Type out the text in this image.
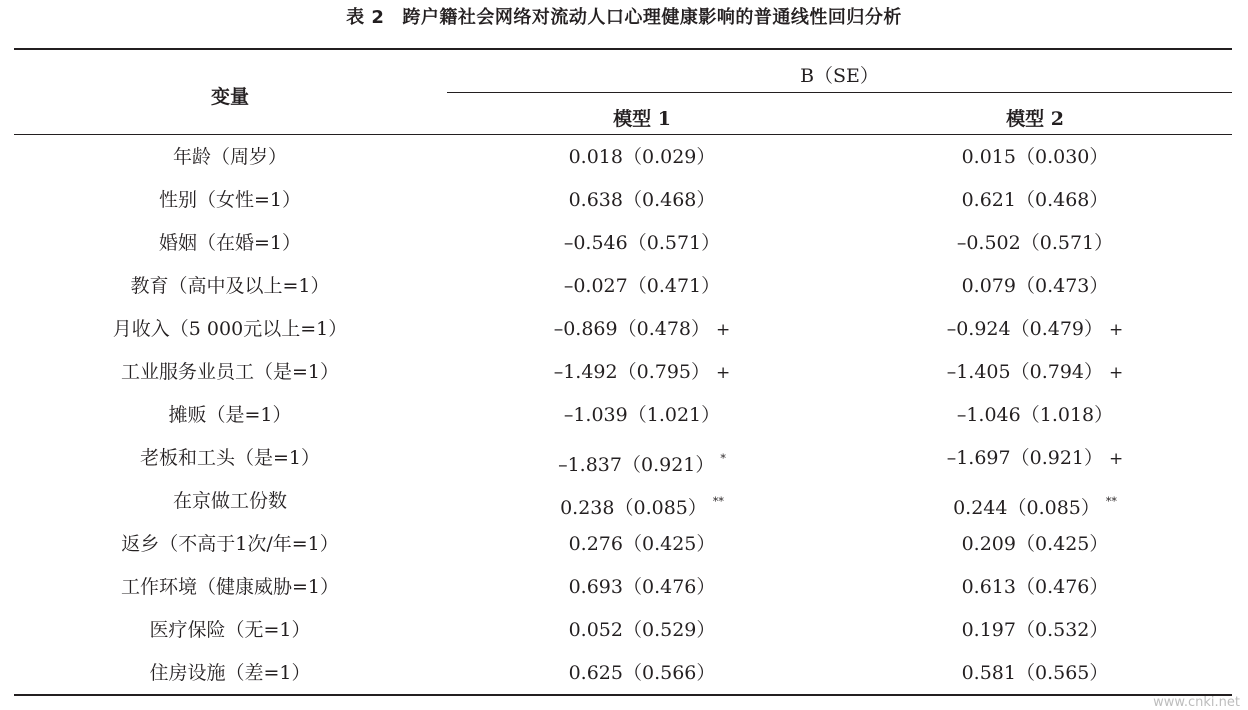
表 2 跨户籍社会网络对流动人口心理健康影响的普通线性回归分析
变量
B（SE）
模型 1	模型 2
年龄（周岁）	0.018（0.029）	0.015（0.030）
性别（女性=1）	0.638（0.468）	0.621（0.468）
婚姻（在婚=1）	–0.546（0.571）	–0.502（0.571）
教育（高中及以上=1）	–0.027（0.471）	0.079（0.473）
月收入（5 000元以上=1）	–0.869（0.478） +	–0.924（0.479） +
工业服务业员工（是=1）	–1.492（0.795） +	–1.405（0.794） +
摊贩（是=1）	–1.039（1.021）	–1.046（1.018）
老板和工头（是=1）	–1.837（0.921） *	–1.697（0.921） +
在京做工份数	0.238（0.085） **	0.244（0.085） **
返乡（不高于1次/年=1）	0.276（0.425）	0.209（0.425）
工作环境（健康威胁=1）	0.693（0.476）	0.613（0.476）
医疗保险（无=1）	0.052（0.529）	0.197（0.532）
住房设施（差=1）	0.625（0.566）	0.581（0.565）
www.cnki.net
